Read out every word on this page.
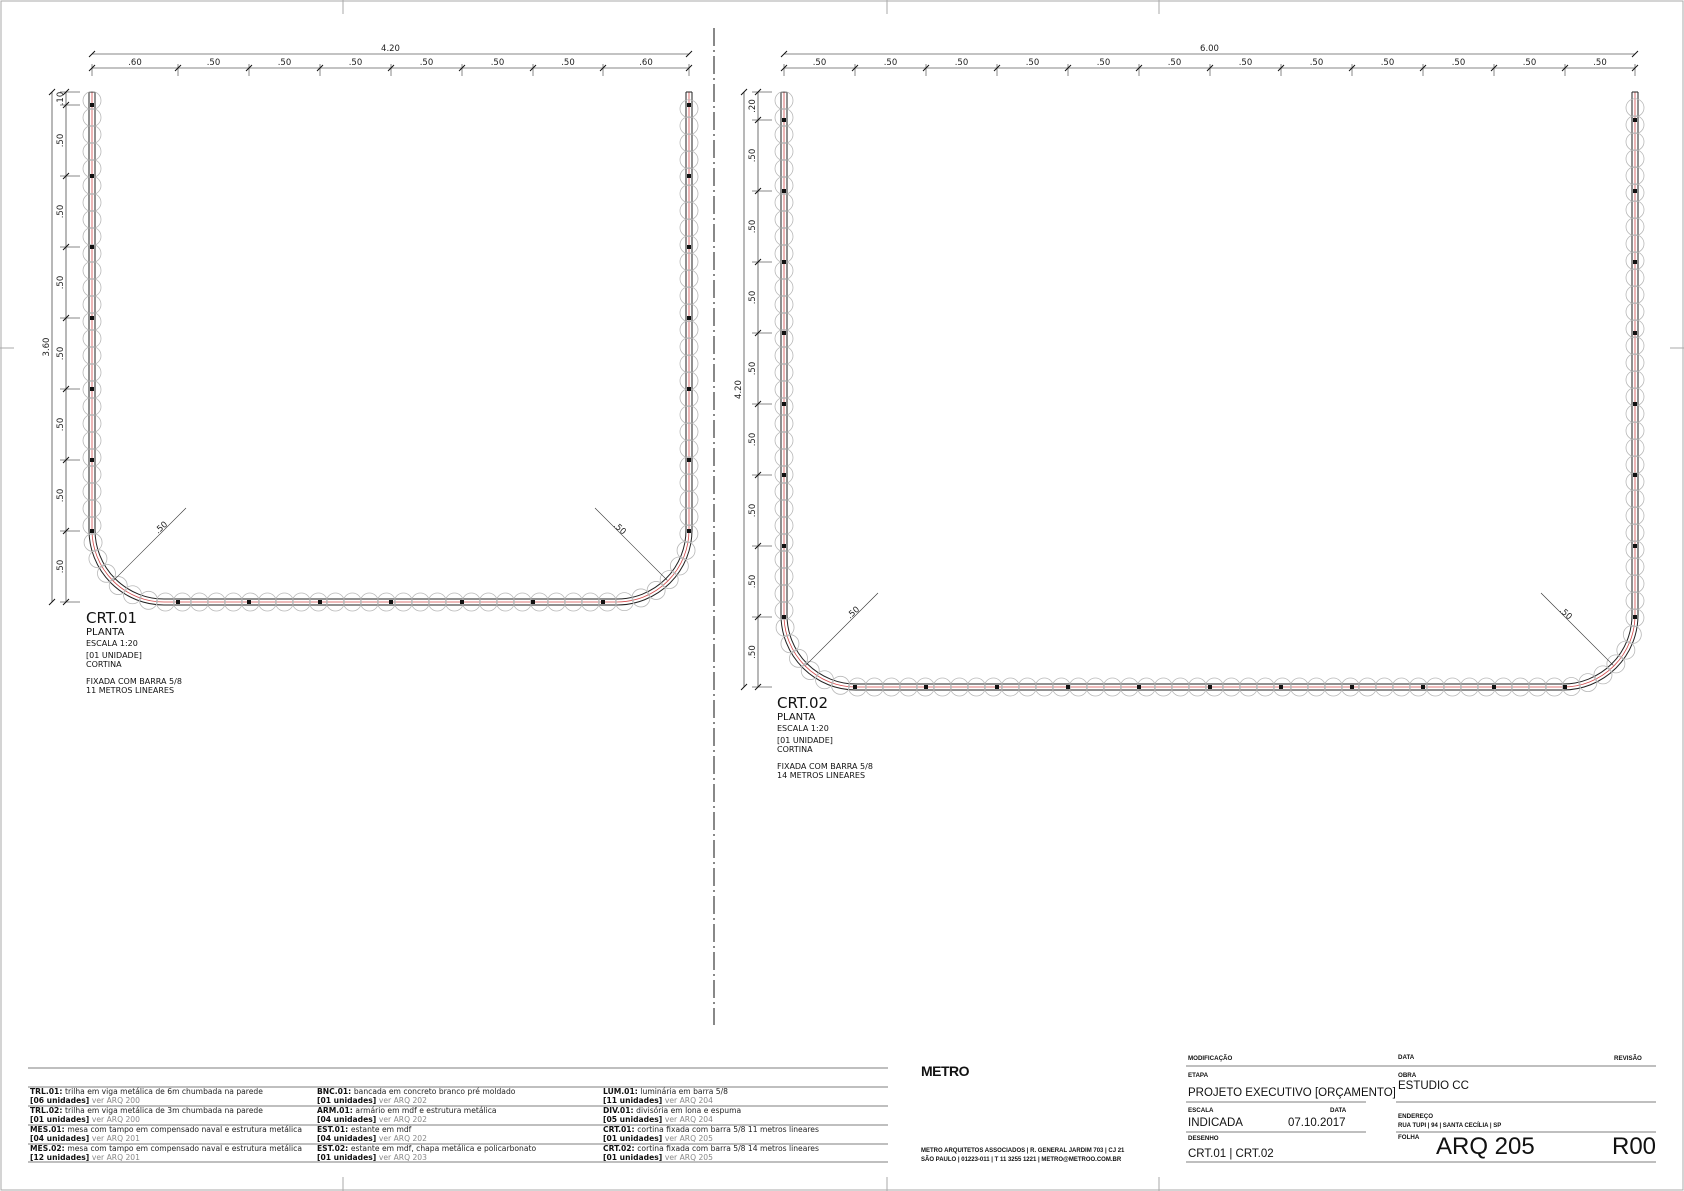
4.20
.60	.50	.50	.50	.50	.50	.50	.60
3.60
.10
.50
.50
.50
.50
.50
.50
.50
.50	.50
CRT.01
PLANTA
ESCALA 1:20
[01 UNIDADE]
CORTINA
FIXADA COM BARRA 5/8
11 METROS LINEARES
6.00
.50	.50	.50	.50	.50	.50	.50	.50	.50	.50	.50	.50
4.20
.20
.50
.50
.50
.50
.50
.50
.50
.50
.50	.50
CRT.02
PLANTA
ESCALA 1:20
[01 UNIDADE]
CORTINA
FIXADA COM BARRA 5/8
14 METROS LINEARES
TRL.01: trilha em viga metálica de 6m chumbada na parede
[06 unidades] ver ARQ 200
TRL.02: trilha em viga metálica de 3m chumbada na parede
[01 unidades] ver ARQ 200
MES.01: mesa com tampo em compensado naval e estrutura metálica
[04 unidades] ver ARQ 201
MES.02: mesa com tampo em compensado naval e estrutura metálica
[12 unidades] ver ARQ 201
BNC.01: bancada em concreto branco pré moldado
[01 unidades] ver ARQ 202
ARM.01: armário em mdf e estrutura metálica
[04 unidades] ver ARQ 202
EST.01: estante em mdf
[04 unidades] ver ARQ 202
EST.02: estante em mdf, chapa metálica e policarbonato
[01 unidades] ver ARQ 203
LUM.01: luminária em barra 5/8
[11 unidades] ver ARQ 204
DIV.01: divisória em lona e espuma
[05 unidades] ver ARQ 204
CRT.01: cortina fixada com barra 5/8 11 metros lineares
[01 unidades] ver ARQ 205
CRT.02: cortina fixada com barra 5/8 14 metros lineares
[01 unidades] ver ARQ 205
METRO
METRO ARQUITETOS ASSOCIADOS | R. GENERAL JARDIM 703 | CJ 21
SÃO PAULO | 01223-011 | T 11 3255 1221 | METRO@METROO.COM.BR
MODIFICAÇÃO	DATA	REVISÃO
ETAPA
PROJETO EXECUTIVO [ORÇAMENTO]
OBRA
ESTUDIO CC
ESCALA
INDICADA
DATA
07.10.2017
ENDEREÇO
RUA TUPI | 94 | SANTA CECÍLIA | SP
DESENHO
CRT.01 | CRT.02
FOLHA ARQ 205	R00
